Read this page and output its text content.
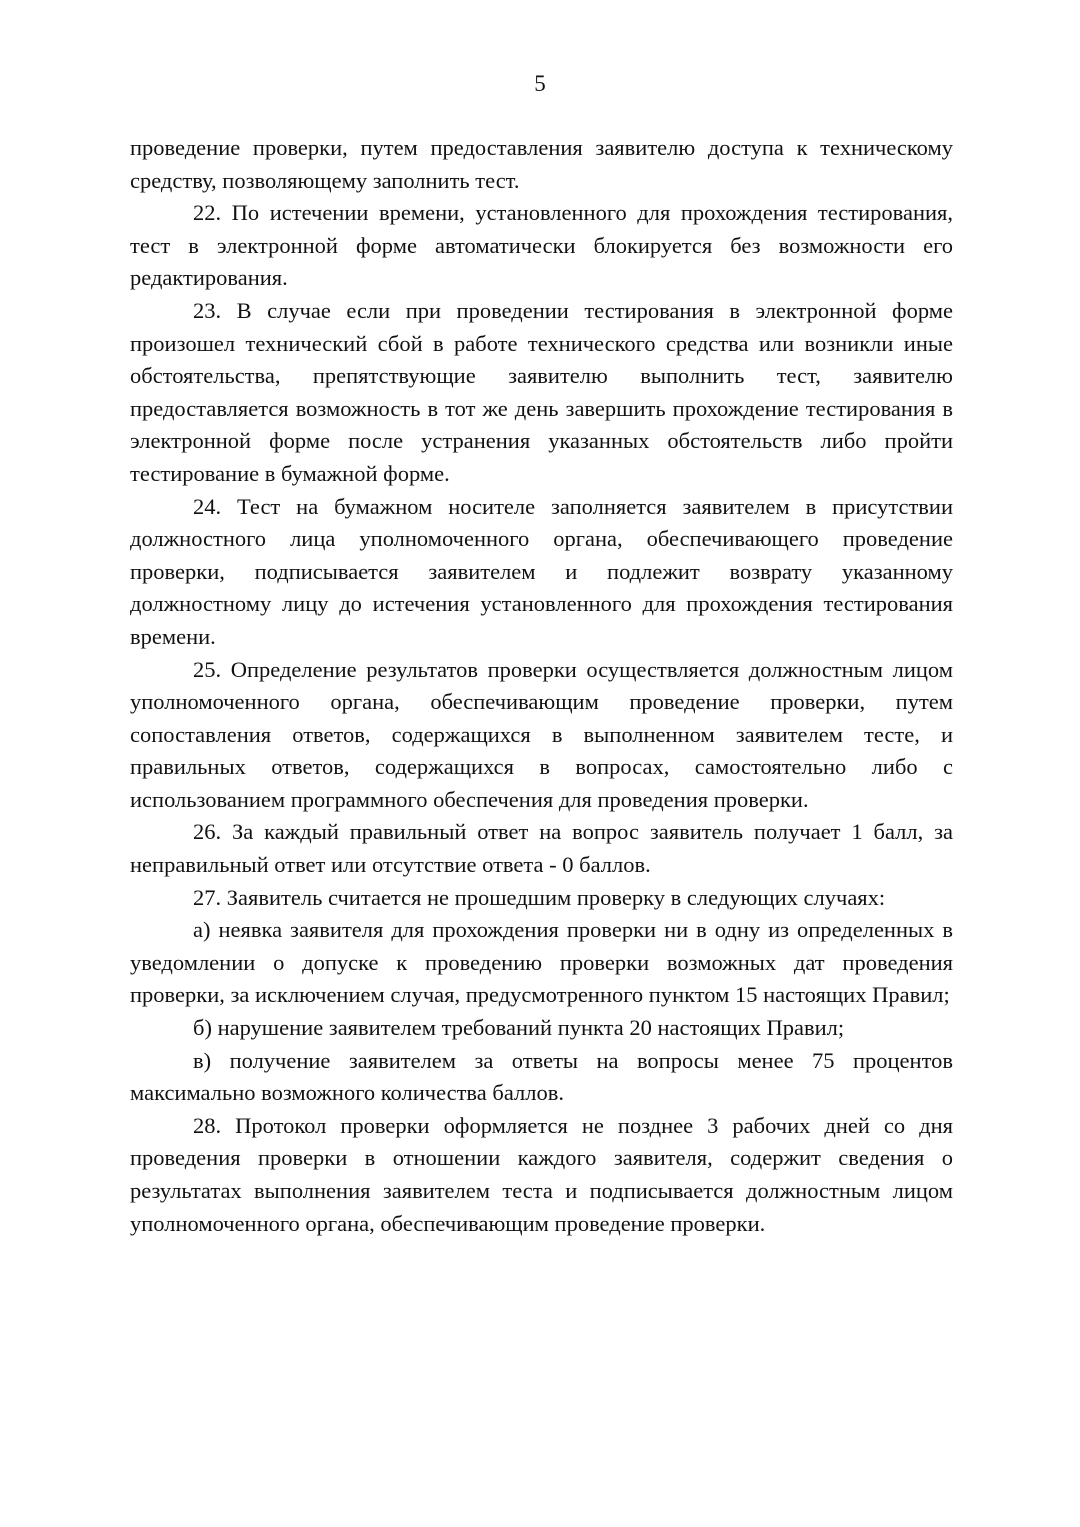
5

проведение проверки, путем предоставления заявителю доступа к техническому средству, позволяющему заполнить тест.

22. По истечении времени, установленного для прохождения тестирования, тест в электронной форме автоматически блокируется без возможности его редактирования.

23. В случае если при проведении тестирования в электронной форме произошел технический сбой в работе технического средства или возникли иные обстоятельства, препятствующие заявителю выполнить тест, заявителю предоставляется возможность в тот же день завершить прохождение тестирования в электронной форме после устранения указанных обстоятельств либо пройти тестирование в бумажной форме.

24. Тест на бумажном носителе заполняется заявителем в присутствии должностного лица уполномоченного органа, обеспечивающего проведение проверки, подписывается заявителем и подлежит возврату указанному должностному лицу до истечения установленного для прохождения тестирования времени.

25. Определение результатов проверки осуществляется должностным лицом уполномоченного органа, обеспечивающим проведение проверки, путем сопоставления ответов, содержащихся в выполненном заявителем тесте, и правильных ответов, содержащихся в вопросах, самостоятельно либо с использованием программного обеспечения для проведения проверки.

26. За каждый правильный ответ на вопрос заявитель получает 1 балл, за неправильный ответ или отсутствие ответа - 0 баллов.

27. Заявитель считается не прошедшим проверку в следующих случаях:

а) неявка заявителя для прохождения проверки ни в одну из определенных в уведомлении о допуске к проведению проверки возможных дат проведения проверки, за исключением случая, предусмотренного пунктом 15 настоящих Правил;

б) нарушение заявителем требований пункта 20 настоящих Правил;

в) получение заявителем за ответы на вопросы менее 75 процентов максимально возможного количества баллов.

28. Протокол проверки оформляется не позднее 3 рабочих дней со дня проведения проверки в отношении каждого заявителя, содержит сведения о результатах выполнения заявителем теста и подписывается должностным лицом уполномоченного органа, обеспечивающим проведение проверки.
